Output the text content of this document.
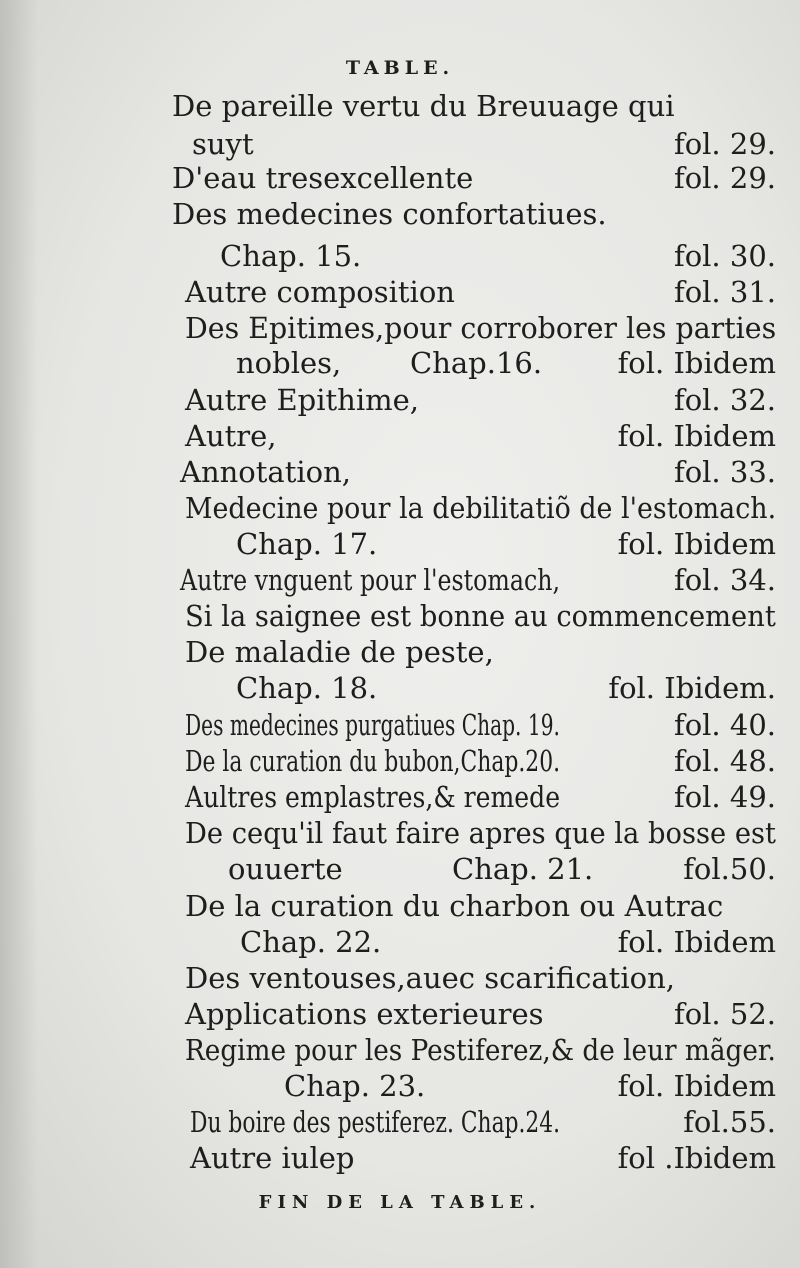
TABLE.
De pareille vertu du Breuuage qui
suyt	fol. 29.
D'eau tresexcellente	fol. 29.
Des medecines confortatiues.
Chap. 15.	fol. 30.
Autre composition	fol. 31.
Des Epitimes,pour corroborer les parties
nobles, Chap.16.	fol. Ibidem
Autre Epithime,	fol. 32.
Autre,	fol. Ibidem
Annotation,	fol. 33.
Medecine pour la debilitatiõ de l'estomach.
Chap. 17.	fol. Ibidem
Autre vnguent pour l'estomach,	fol. 34.
Si la saignee est bonne au commencement
De maladie de peste,
Chap. 18.	fol. Ibidem.
Des medecines purgatiues Chap. 19.	fol. 40.
De la curation du bubon,Chap.20.	fol. 48.
Aultres emplastres,& remede	fol. 49.
De cequ'il faut faire apres que la bosse est
ouuerte	Chap. 21.	fol.50.
De la curation du charbon ou Autrac
Chap. 22.	fol. Ibidem
Des ventouses,auec scarification,
Applications exterieures	fol. 52.
Regime pour les Pestiferez,& de leur mãger.
Chap. 23.	fol. Ibidem
Du boire des pestiferez. Chap.24.	fol.55.
Autre iulep	fol .Ibidem
FIN DE LA TABLE.
